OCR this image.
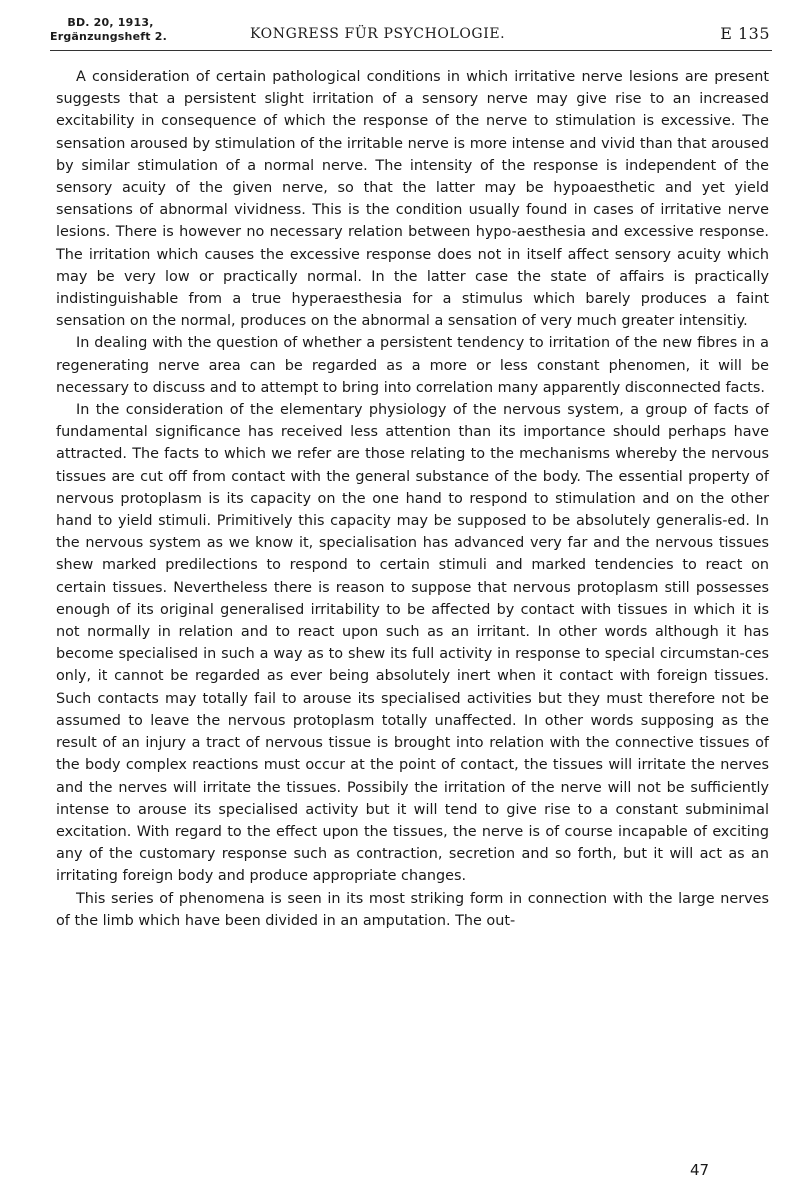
BD. 20, 1913,
Ergänzungsheft 2.	KONGRESS FÜR PSYCHOLOGIE.	E 135

A consideration of certain pathological conditions in which irritative nerve lesions are present suggests that a persistent slight irritation of a sensory nerve may give rise to an increased excitability in consequence of which the response of the nerve to stimulation is excessive. The sensation aroused by stimulation of the irritable nerve is more intense and vivid than that aroused by similar stimulation of a normal nerve. The intensity of the response is independent of the sensory acuity of the given nerve, so that the latter may be hypoaesthetic and yet yield sensations of abnormal vividness. This is the condition usually found in cases of irritative nerve lesions. There is however no necessary relation between hypo-aesthesia and excessive response. The irritation which causes the excessive response does not in itself affect sensory acuity which may be very low or practically normal. In the latter case the state of affairs is practically indistinguishable from a true hyperaesthesia for a stimulus which barely produces a faint sensation on the normal, produces on the abnormal a sensation of very much greater intensitiy.

In dealing with the question of whether a persistent tendency to irritation of the new fibres in a regenerating nerve area can be regarded as a more or less constant phenomen, it will be necessary to discuss and to attempt to bring into correlation many apparently disconnected facts.

In the consideration of the elementary physiology of the nervous system, a group of facts of fundamental significance has received less attention than its importance should perhaps have attracted. The facts to which we refer are those relating to the mechanisms whereby the nervous tissues are cut off from contact with the general substance of the body. The essential property of nervous protoplasm is its capacity on the one hand to respond to stimulation and on the other hand to yield stimuli. Primitively this capacity may be supposed to be absolutely generalis-ed. In the nervous system as we know it, specialisation has advanced very far and the nervous tissues shew marked predilections to respond to certain stimuli and marked tendencies to react on certain tissues. Nevertheless there is reason to suppose that nervous protoplasm still possesses enough of its original generalised irritability to be affected by contact with tissues in which it is not normally in relation and to react upon such as an irritant. In other words although it has become specialised in such a way as to shew its full activity in response to special circumstan-ces only, it cannot be regarded as ever being absolutely inert when it contact with foreign tissues. Such contacts may totally fail to arouse its specialised activities but they must therefore not be assumed to leave the nervous protoplasm totally unaffected. In other words supposing as the result of an injury a tract of nervous tissue is brought into relation with the connective tissues of the body complex reactions must occur at the point of contact, the tissues will irritate the nerves and the nerves will irritate the tissues. Possibily the irritation of the nerve will not be sufficiently intense to arouse its specialised activity but it will tend to give rise to a constant subminimal excitation. With regard to the effect upon the tissues, the nerve is of course incapable of exciting any of the customary response such as contraction, secretion and so forth, but it will act as an irritating foreign body and produce appropriate changes.

This series of phenomena is seen in its most striking form in connection with the large nerves of the limb which have been divided in an amputation. The out-

47
